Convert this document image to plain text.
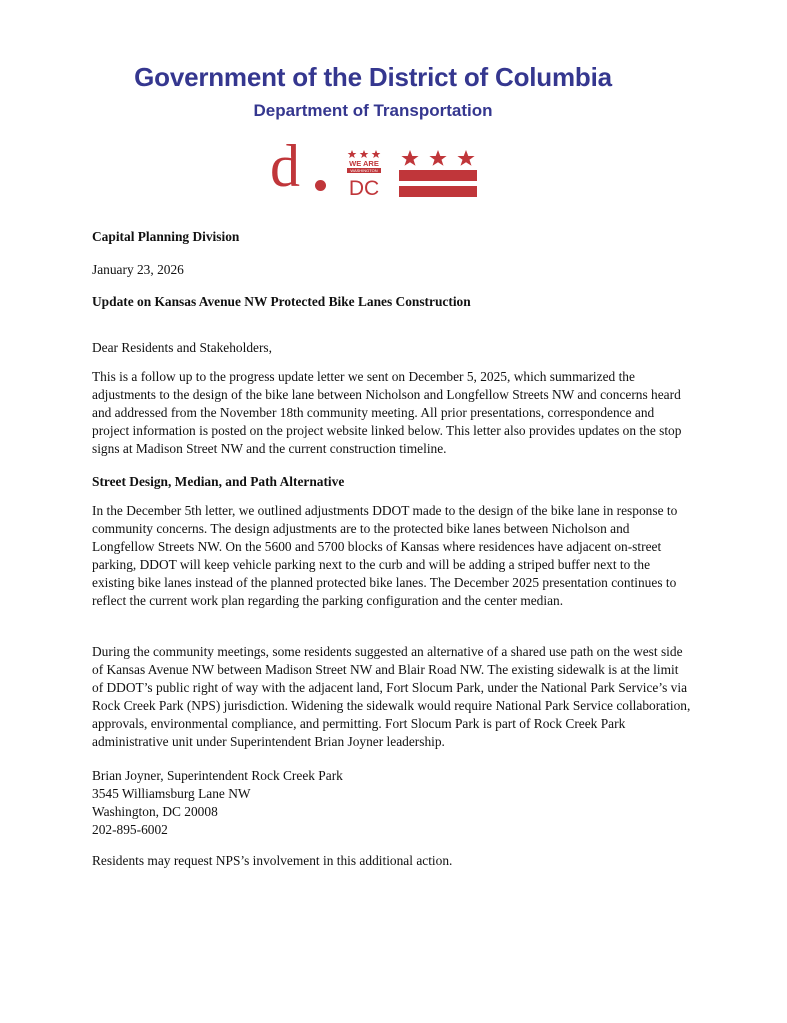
Government of the District of Columbia
Department of Transportation
d	WE ARE
WASHINGTON
DC
Capital Planning Division
January 23, 2026
Update on Kansas Avenue NW Protected Bike Lanes Construction
Dear Residents and Stakeholders,

This is a follow up to the progress update letter we sent on December 5, 2025, which summarized the adjustments to the design of the bike lane between Nicholson and Longfellow Streets NW and concerns heard and addressed from the November 18th community meeting. All prior presentations, correspondence and project information is posted on the project website linked below. This letter also provides updates on the stop signs at Madison Street NW and the current construction timeline.

Street Design, Median, and Path Alternative

In the December 5th letter, we outlined adjustments DDOT made to the design of the bike lane in response to community concerns. The design adjustments are to the protected bike lanes between Nicholson and Longfellow Streets NW. On the 5600 and 5700 blocks of Kansas where residences have adjacent on-street parking, DDOT will keep vehicle parking next to the curb and will be adding a striped buffer next to the existing bike lanes instead of the planned protected bike lanes. The December 2025 presentation continues to reflect the current work plan regarding the parking configuration and the center median.

During the community meetings, some residents suggested an alternative of a shared use path on the west side of Kansas Avenue NW between Madison Street NW and Blair Road NW. The existing sidewalk is at the limit of DDOT’s public right of way with the adjacent land, Fort Slocum Park, under the National Park Service’s via Rock Creek Park (NPS) jurisdiction. Widening the sidewalk would require National Park Service collaboration, approvals, environmental compliance, and permitting. Fort Slocum Park is part of Rock Creek Park administrative unit under Superintendent Brian Joyner leadership.

Brian Joyner, Superintendent Rock Creek Park
3545 Williamsburg Lane NW
Washington, DC 20008
202-895-6002
Residents may request NPS’s involvement in this additional action.
